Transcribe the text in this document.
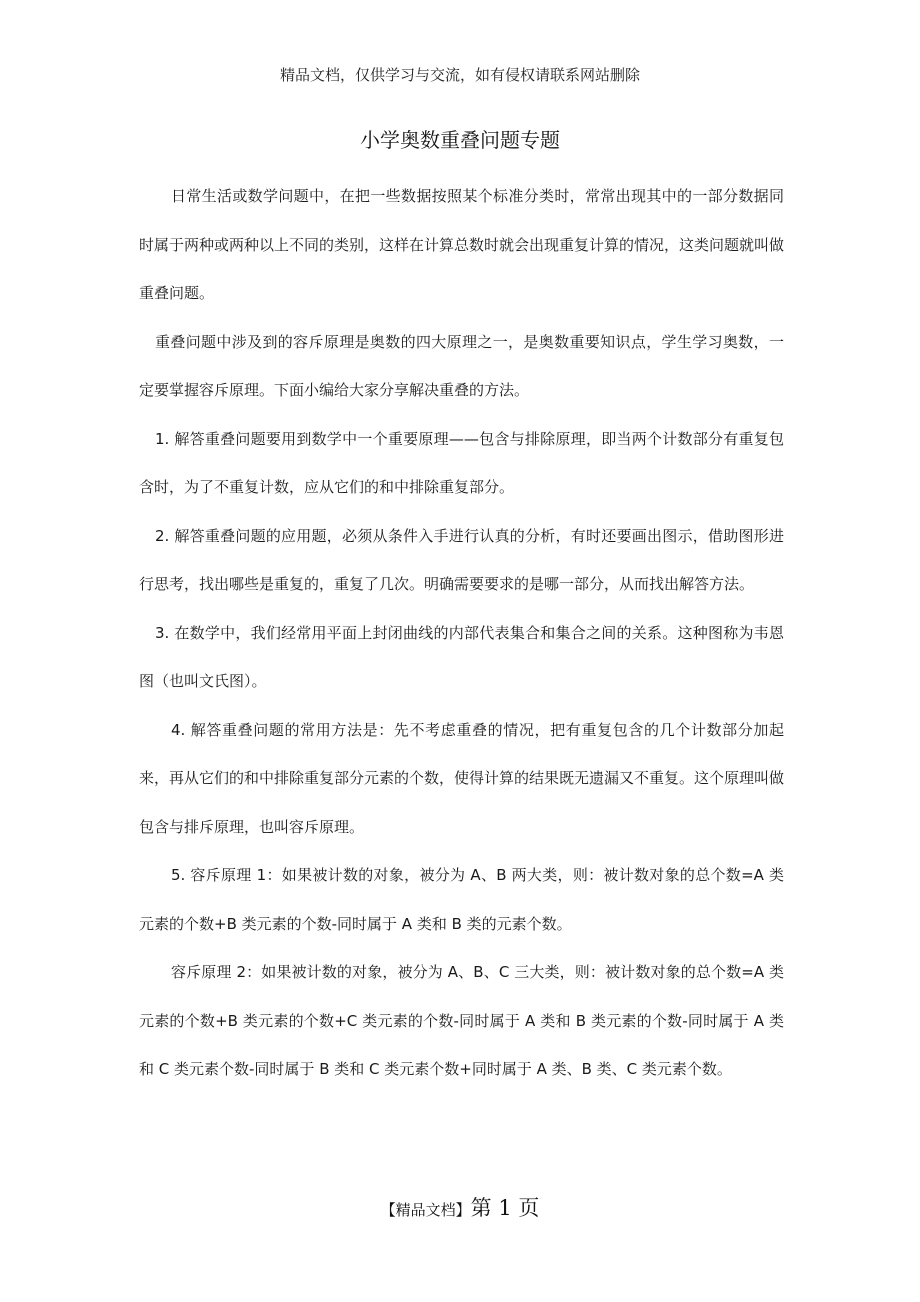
精品文档，仅供学习与交流，如有侵权请联系网站删除
小学奥数重叠问题专题

日常生活或数学问题中，在把一些数据按照某个标准分类时，常常出现其中的一部分数据同时属于两种或两种以上不同的类别，这样在计算总数时就会出现重复计算的情况，这类问题就叫做重叠问题。

重叠问题中涉及到的容斥原理是奥数的四大原理之一，是奥数重要知识点，学生学习奥数，一定要掌握容斥原理。下面小编给大家分享解决重叠的方法。

1. 解答重叠问题要用到数学中一个重要原理——包含与排除原理，即当两个计数部分有重复包含时，为了不重复计数，应从它们的和中排除重复部分。

2. 解答重叠问题的应用题，必须从条件入手进行认真的分析，有时还要画出图示，借助图形进行思考，找出哪些是重复的，重复了几次。明确需要要求的是哪一部分，从而找出解答方法。

3. 在数学中，我们经常用平面上封闭曲线的内部代表集合和集合之间的关系。这种图称为韦恩图（也叫文氏图）。

4. 解答重叠问题的常用方法是：先不考虑重叠的情况，把有重复包含的几个计数部分加起来，再从它们的和中排除重复部分元素的个数，使得计算的结果既无遗漏又不重复。这个原理叫做包含与排斥原理，也叫容斥原理。

5. 容斥原理 1：如果被计数的对象，被分为 A、B 两大类，则：被计数对象的总个数=A 类元素的个数+B 类元素的个数-同时属于 A 类和 B 类的元素个数。

容斥原理 2：如果被计数的对象，被分为 A、B、C 三大类，则：被计数对象的总个数=A 类元素的个数+B 类元素的个数+C 类元素的个数-同时属于 A 类和 B 类元素的个数-同时属于 A 类和 C 类元素个数-同时属于 B 类和 C 类元素个数+同时属于 A 类、B 类、C 类元素个数。

【精品文档】第 1 页
